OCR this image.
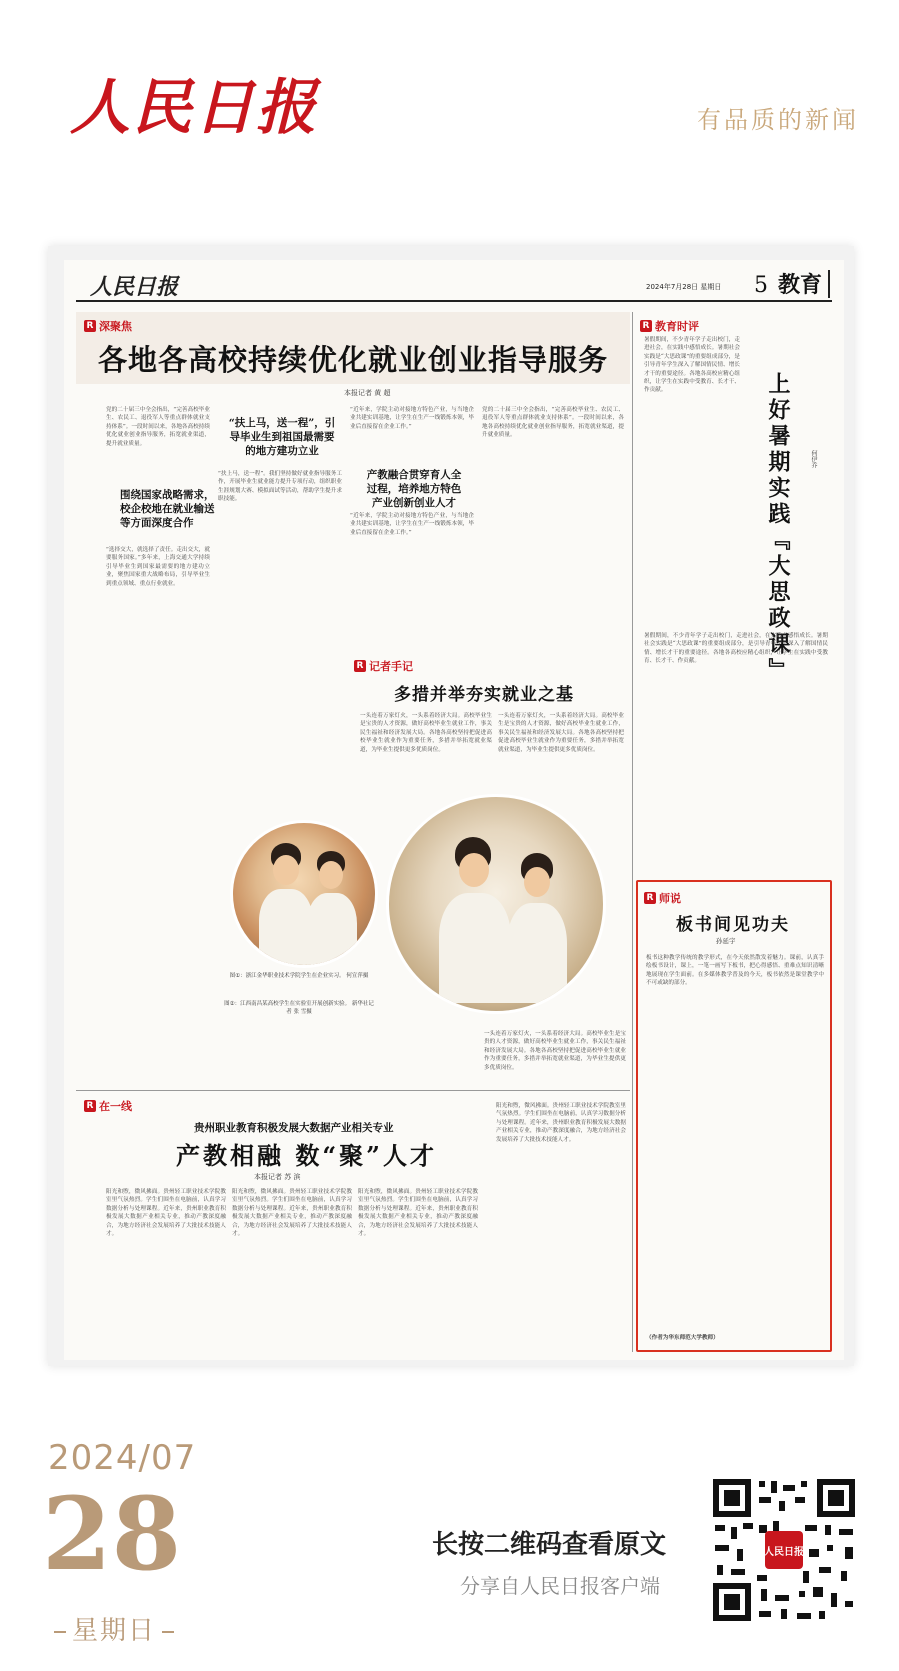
人民日报	有品质的新闻
人民日报	2024年7月28日 星期日 5 教育
R 深聚焦
各地各高校持续优化就业创业指导服务
本报记者 黄 超
党的二十届三中全会指出，“完善高校毕业生、农民工、退役军人等重点群体就业支持体系”。一段时间以来，各地各高校持续优化就业创业指导服务，拓宽就业渠道，提升就业质量。
围绕国家战略需求，校企校地在就业输送等方面深度合作
“选择交大，就选择了责任。走出交大，就要服务国家。”多年来，上海交通大学持续引导毕业生到国家最需要的地方建功立业，聚焦国家重大战略布局，引导毕业生到重点领域、重点行业就业。
“扶上马，送一程”，引导毕业生到祖国最需要的地方建功立业
“扶上马，送一程”。我们坚持做好就业指导服务工作，开展毕业生就业能力提升专项行动，组织职业生涯规划大赛、模拟面试等活动，帮助学生提升求职技能。
“近年来，学院主动对接地方特色产业，与当地企业共建实训基地，让学生在生产一线锻炼本领，毕业后直接留在企业工作。”
产教融合贯穿育人全过程，培养地方特色产业创新创业人才
“近年来，学院主动对接地方特色产业，与当地企业共建实训基地，让学生在生产一线锻炼本领，毕业后直接留在企业工作。”
党的二十届三中全会指出，“完善高校毕业生、农民工、退役军人等重点群体就业支持体系”。一段时间以来，各地各高校持续优化就业创业指导服务，拓宽就业渠道，提升就业质量。
R 记者手记
多措并举夯实就业之基
一头连着万家灯火，一头系着经济大局。高校毕业生是宝贵的人才资源，做好高校毕业生就业工作，事关民生福祉和经济发展大局。各地各高校坚持把促进高校毕业生就业作为重要任务，多措并举拓宽就业渠道，为毕业生提供更多优质岗位。
一头连着万家灯火，一头系着经济大局。高校毕业生是宝贵的人才资源，做好高校毕业生就业工作，事关民生福祉和经济发展大局。各地各高校坚持把促进高校毕业生就业作为重要任务，多措并举拓宽就业渠道，为毕业生提供更多优质岗位。
图①：浙江金华职业技术学院学生在企业实习。 何宣萍摄
图②：江西南昌某高校学生在实验室开展创新实验。 新华社记者 张 雪摄
一头连着万家灯火，一头系着经济大局。高校毕业生是宝贵的人才资源，做好高校毕业生就业工作，事关民生福祉和经济发展大局。各地各高校坚持把促进高校毕业生就业作为重要任务，多措并举拓宽就业渠道，为毕业生提供更多优质岗位。
R 在一线
贵州职业教育积极发展大数据产业相关专业
产教相融 数“聚”人才
本报记者 苏 滨
阳光和煦，微风拂面。贵州轻工职业技术学院教室里气氛热烈。学生们围坐在电脑前，认真学习数据分析与处理课程。近年来，贵州职业教育积极发展大数据产业相关专业，推动产教深度融合，为地方经济社会发展培养了大批技术技能人才。
阳光和煦，微风拂面。贵州轻工职业技术学院教室里气氛热烈。学生们围坐在电脑前，认真学习数据分析与处理课程。近年来，贵州职业教育积极发展大数据产业相关专业，推动产教深度融合，为地方经济社会发展培养了大批技术技能人才。
阳光和煦，微风拂面。贵州轻工职业技术学院教室里气氛热烈。学生们围坐在电脑前，认真学习数据分析与处理课程。近年来，贵州职业教育积极发展大数据产业相关专业，推动产教深度融合，为地方经济社会发展培养了大批技术技能人才。
阳光和煦，微风拂面。贵州轻工职业技术学院教室里气氛热烈。学生们围坐在电脑前，认真学习数据分析与处理课程。近年来，贵州职业教育积极发展大数据产业相关专业，推动产教深度融合，为地方经济社会发展培养了大批技术技能人才。
R 教育时评
暑假期间，不少青年学子走出校门，走进社会，在实践中感悟成长。暑期社会实践是“大思政课”的重要组成部分，是引导青年学生深入了解国情民情、增长才干的重要途径。各地各高校应精心组织，让学生在实践中受教育、长才干、作贡献。	上好暑期实践『大思政课』	何伊乔
暑假期间，不少青年学子走出校门，走进社会，在实践中感悟成长。暑期社会实践是“大思政课”的重要组成部分，是引导青年学生深入了解国情民情、增长才干的重要途径。各地各高校应精心组织，让学生在实践中受教育、长才干、作贡献。
R 师说
板书间见功夫
孙延宇
板书这种教学传统的教学形式，在今天依然散发着魅力。课前，认真手绘板书设计，课上，一笔一画写下板书，把心得感悟、重难点知识清晰地展现在学生面前。在多媒体教学普及的今天，板书依然是课堂教学中不可或缺的部分。
（作者为华东师范大学教师）
2024/07
28
星期日
长按二维码查看原文
分享自人民日报客户端
人民日报
